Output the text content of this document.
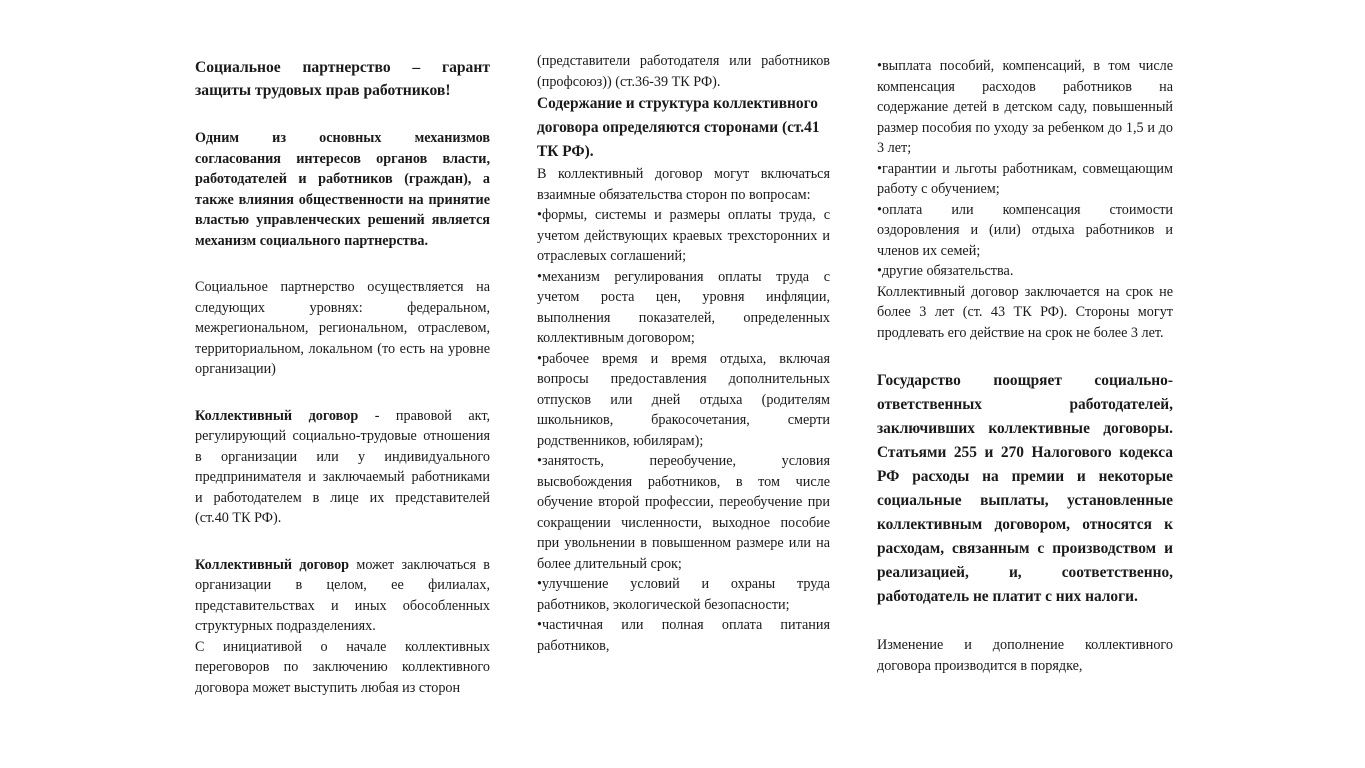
Социальное партнерство – гарант защиты трудовых прав работников!

Одним из основных механизмов согласования интересов органов власти, работодателей и работников (граждан), а также влияния общественности на принятие властью управленческих решений является механизм социального партнерства.

Социальное партнерство осуществляется на следующих уровнях: федеральном, межрегиональном, региональном, отраслевом, территориальном, локальном (то есть на уровне организации)

Коллективный договор - правовой акт, регулирующий социально-трудовые отношения в организации или у индивидуального предпринимателя и заключаемый работниками и работодателем в лице их представителей (ст.40 ТК РФ).

Коллективный договор может заключаться в организации в целом, ее филиалах, представительствах и иных обособленных структурных подразделениях.

С инициативой о начале коллективных переговоров по заключению коллективного договора может выступить любая из сторон

(представители работодателя или работников (профсоюз)) (ст.36-39 ТК РФ).

Содержание и структура коллективного договора определяются сторонами (ст.41 ТК РФ).

В коллективный договор могут включаться взаимные обязательства сторон по вопросам:

•формы, системы и размеры оплаты труда, с учетом действующих краевых трехсторонних и отраслевых соглашений;
•механизм регулирования оплаты труда с учетом роста цен, уровня инфляции, выполнения показателей, определенных коллективным договором;
•рабочее время и время отдыха, включая вопросы предоставления дополнительных отпусков или дней отдыха (родителям школьников, бракосочетания, смерти родственников, юбилярам);
•занятость, переобучение, условия высвобождения работников, в том числе обучение второй профессии, переобучение при сокращении численности, выходное пособие при увольнении в повышенном размере или на более длительный срок;
•улучшение условий и охраны труда работников, экологической безопасности;
•частичная или полная оплата питания работников,
•выплата пособий, компенсаций, в том числе компенсация расходов работников на содержание детей в детском саду, повышенный размер пособия по уходу за ребенком до 1,5 и до 3 лет;
•гарантии и льготы работникам, совмещающим работу с обучением;
•оплата или компенсация стоимости оздоровления и (или) отдыха работников и членов их семей;
•другие обязательства.

Коллективный договор заключается на срок не более 3 лет (ст. 43 ТК РФ). Стороны могут продлевать его действие на срок не более 3 лет.

Государство поощряет социально-ответственных работодателей, заключивших коллективные договоры. Статьями 255 и 270 Налогового кодекса РФ расходы на премии и некоторые социальные выплаты, установленные коллективным договором, относятся к расходам, связанным с производством и реализацией, и, соответственно, работодатель не платит с них налоги.

Изменение и дополнение коллективного договора производится в порядке,
